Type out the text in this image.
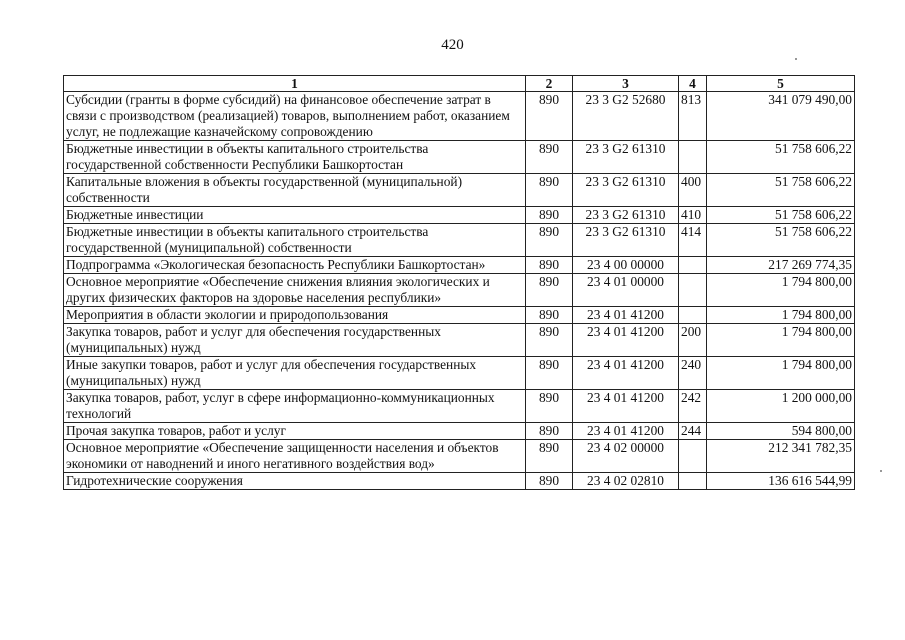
420
1	2	3	4	5
Субсидии (гранты в форме субсидий) на финансовое обеспечение затрат в связи с производством (реализацией) товаров, выполнением работ, оказанием услуг, не подлежащие казначейскому сопровождению	890	23 3 G2 52680	813	341 079 490,00
Бюджетные инвестиции в объекты капитального строительства государственной собственности Республики Башкортостан	890	23 3 G2 61310		51 758 606,22
Капитальные вложения в объекты государственной (муниципальной) собственности	890	23 3 G2 61310	400	51 758 606,22
Бюджетные инвестиции	890	23 3 G2 61310	410	51 758 606,22
Бюджетные инвестиции в объекты капитального строительства государственной (муниципальной) собственности	890	23 3 G2 61310	414	51 758 606,22
Подпрограмма «Экологическая безопасность Республики Башкортостан»	890	23 4 00 00000		217 269 774,35
Основное мероприятие «Обеспечение снижения влияния экологических и других физических факторов на здоровье населения республики»	890	23 4 01 00000		1 794 800,00
Мероприятия в области экологии и природопользования	890	23 4 01 41200		1 794 800,00
Закупка товаров, работ и услуг для обеспечения государственных (муниципальных) нужд	890	23 4 01 41200	200	1 794 800,00
Иные закупки товаров, работ и услуг для обеспечения государственных (муниципальных) нужд	890	23 4 01 41200	240	1 794 800,00
Закупка товаров, работ, услуг в сфере информационно-коммуникационных технологий	890	23 4 01 41200	242	1 200 000,00
Прочая закупка товаров, работ и услуг	890	23 4 01 41200	244	594 800,00
Основное мероприятие «Обеспечение защищенности населения и объектов экономики от наводнений и иного негативного воздействия вод»	890	23 4 02 00000		212 341 782,35
Гидротехнические сооружения	890	23 4 02 02810		136 616 544,99
